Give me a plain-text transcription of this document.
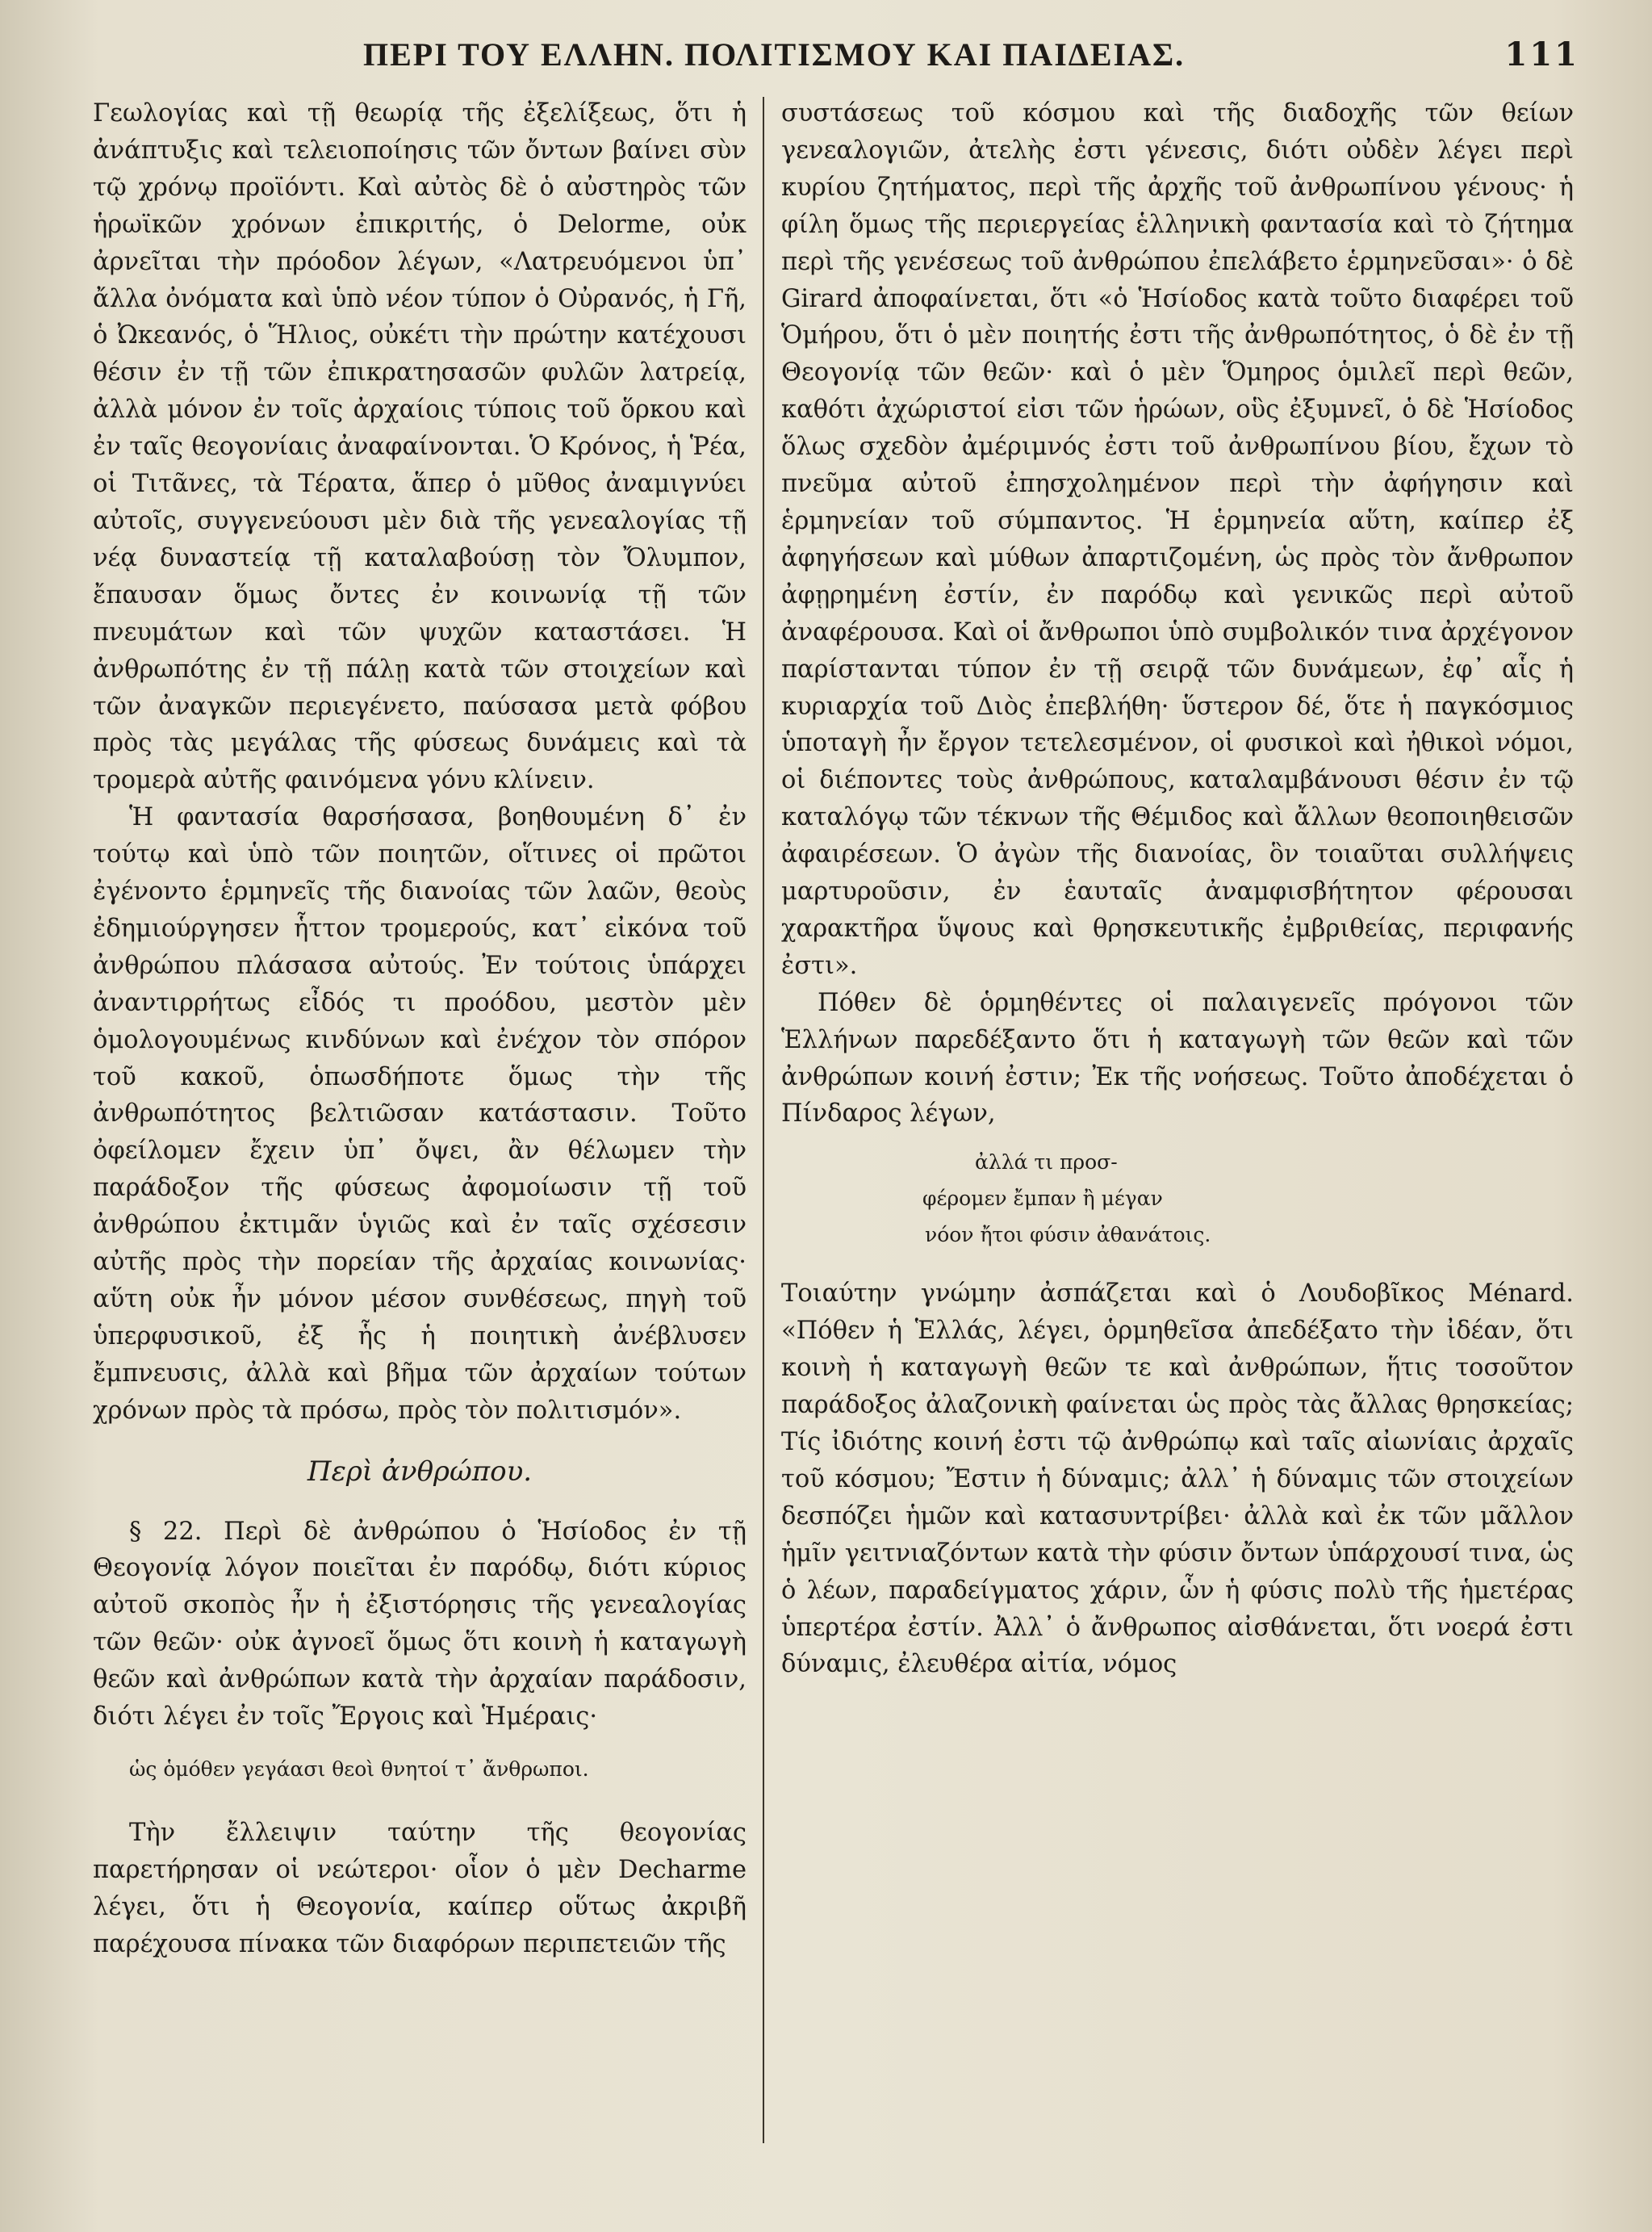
ΠΕΡΙ ΤΟΥ ΕΛΛΗΝ. ΠΟΛΙΤΙΣΜΟΥ ΚΑΙ ΠΑΙΔΕΙΑΣ.	111

Γεωλογίας καὶ τῇ θεωρίᾳ τῆς ἐξελίξεως, ὅτι ἡ ἀνάπτυξις καὶ τελειοποίησις τῶν ὄντων βαίνει σὺν τῷ χρόνῳ προϊόντι. Καὶ αὐτὸς δὲ ὁ αὐστηρὸς τῶν ἡρωϊκῶν χρόνων ἐπικριτής, ὁ Delorme, οὐκ ἀρνεῖται τὴν πρόοδον λέγων, «Λατρευόμενοι ὑπ᾽ ἄλλα ὀνόματα καὶ ὑπὸ νέον τύπον ὁ Οὐρανός, ἡ Γῆ, ὁ Ὠκεανός, ὁ Ἥλιος, οὐκέτι τὴν πρώτην κατέχουσι θέσιν ἐν τῇ τῶν ἐπικρατησασῶν φυλῶν λατρείᾳ, ἀλλὰ μόνον ἐν τοῖς ἀρχαίοις τύποις τοῦ ὅρκου καὶ ἐν ταῖς θεογονίαις ἀναφαίνονται. Ὁ Κρόνος, ἡ Ῥέα, οἱ Τιτᾶνες, τὰ Τέρατα, ἅπερ ὁ μῦθος ἀναμιγνύει αὐτοῖς, συγγενεύουσι μὲν διὰ τῆς γενεαλογίας τῇ νέᾳ δυναστείᾳ τῇ καταλαβούσῃ τὸν Ὄλυμπον, ἔπαυσαν ὅμως ὄντες ἐν κοινωνίᾳ τῇ τῶν πνευμάτων καὶ τῶν ψυχῶν καταστάσει. Ἡ ἀνθρωπότης ἐν τῇ πάλῃ κατὰ τῶν στοιχείων καὶ τῶν ἀναγκῶν περιεγένετο, παύσασα μετὰ φόβου πρὸς τὰς μεγάλας τῆς φύσεως δυνάμεις καὶ τὰ τρομερὰ αὐτῆς φαινόμενα γόνυ κλίνειν.

Ἡ φαντασία θαρσήσασα, βοηθουμένη δ᾽ ἐν τούτῳ καὶ ὑπὸ τῶν ποιητῶν, οἵτινες οἱ πρῶτοι ἐγένοντο ἑρμηνεῖς τῆς διανοίας τῶν λαῶν, θεοὺς ἐδημιούργησεν ἧττον τρομερούς, κατ᾽ εἰκόνα τοῦ ἀνθρώπου πλάσασα αὐτούς. Ἐν τούτοις ὑπάρχει ἀναντιρρήτως εἶδός τι προόδου, μεστὸν μὲν ὁμολογουμένως κινδύνων καὶ ἐνέχον τὸν σπόρον τοῦ κακοῦ, ὁπωσδήποτε ὅμως τὴν τῆς ἀνθρωπότητος βελτιῶσαν κατάστασιν. Τοῦτο ὀφείλομεν ἔχειν ὑπ᾽ ὄψει, ἂν θέλωμεν τὴν παράδοξον τῆς φύσεως ἀφομοίωσιν τῇ τοῦ ἀνθρώπου ἐκτιμᾶν ὑγιῶς καὶ ἐν ταῖς σχέσεσιν αὐτῆς πρὸς τὴν πορείαν τῆς ἀρχαίας κοινωνίας· αὕτη οὐκ ἦν μόνον μέσον συνθέσεως, πηγὴ τοῦ ὑπερφυσικοῦ, ἐξ ἧς ἡ ποιητικὴ ἀνέβλυσεν ἔμπνευσις, ἀλλὰ καὶ βῆμα τῶν ἀρχαίων τούτων χρόνων πρὸς τὰ πρόσω, πρὸς τὸν πολιτισμόν».

Περὶ ἀνθρώπου.

§ 22. Περὶ δὲ ἀνθρώπου ὁ Ἡσίοδος ἐν τῇ Θεογονίᾳ λόγον ποιεῖται ἐν παρόδῳ, διότι κύριος αὐτοῦ σκοπὸς ἦν ἡ ἐξιστόρησις τῆς γενεαλογίας τῶν θεῶν· οὐκ ἀγνοεῖ ὅμως ὅτι κοινὴ ἡ καταγωγὴ θεῶν καὶ ἀνθρώπων κατὰ τὴν ἀρχαίαν παράδοσιν, διότι λέγει ἐν τοῖς Ἔργοις καὶ Ἡμέραις·

ὡς ὁμόθεν γεγάασι θεοὶ θνητοί τ᾽ ἄνθρωποι.

Τὴν ἔλλειψιν ταύτην τῆς θεογονίας παρετήρησαν οἱ νεώτεροι· οἷον ὁ μὲν Decharme λέγει, ὅτι ἡ Θεογονία, καίπερ οὕτως ἀκριβῆ παρέχουσα πίνακα τῶν διαφόρων περιπετειῶν τῆς

συστάσεως τοῦ κόσμου καὶ τῆς διαδοχῆς τῶν θείων γενεαλογιῶν, ἀτελὴς ἐστι γένεσις, διότι οὐδὲν λέγει περὶ κυρίου ζητήματος, περὶ τῆς ἀρχῆς τοῦ ἀνθρωπίνου γένους· ἡ φίλη ὅμως τῆς περιεργείας ἑλληνικὴ φαντασία καὶ τὸ ζήτημα περὶ τῆς γενέσεως τοῦ ἀνθρώπου ἐπελάβετο ἑρμηνεῦσαι»· ὁ δὲ Girard ἀποφαίνεται, ὅτι «ὁ Ἡσίοδος κατὰ τοῦτο διαφέρει τοῦ Ὁμήρου, ὅτι ὁ μὲν ποιητής ἐστι τῆς ἀνθρωπότητος, ὁ δὲ ἐν τῇ Θεογονίᾳ τῶν θεῶν· καὶ ὁ μὲν Ὅμηρος ὁμιλεῖ περὶ θεῶν, καθότι ἀχώριστοί εἰσι τῶν ἡρώων, οὓς ἐξυμνεῖ, ὁ δὲ Ἡσίοδος ὅλως σχεδὸν ἀμέριμνός ἐστι τοῦ ἀνθρωπίνου βίου, ἔχων τὸ πνεῦμα αὐτοῦ ἐπησχολημένον περὶ τὴν ἀφήγησιν καὶ ἑρμηνείαν τοῦ σύμπαντος. Ἡ ἑρμηνεία αὕτη, καίπερ ἐξ ἀφηγήσεων καὶ μύθων ἀπαρτιζομένη, ὡς πρὸς τὸν ἄνθρωπον ἀφῃρημένη ἐστίν, ἐν παρόδῳ καὶ γενικῶς περὶ αὐτοῦ ἀναφέρουσα. Καὶ οἱ ἄνθρωποι ὑπὸ συμβολικόν τινα ἀρχέγονον παρίστανται τύπον ἐν τῇ σειρᾷ τῶν δυνάμεων, ἐφ᾽ αἷς ἡ κυριαρχία τοῦ Διὸς ἐπεβλήθη· ὕστερον δέ, ὅτε ἡ παγκόσμιος ὑποταγὴ ἦν ἔργον τετελεσμένον, οἱ φυσικοὶ καὶ ἠθικοὶ νόμοι, οἱ διέποντες τοὺς ἀνθρώπους, καταλαμβάνουσι θέσιν ἐν τῷ καταλόγῳ τῶν τέκνων τῆς Θέμιδος καὶ ἄλλων θεοποιηθεισῶν ἀφαιρέσεων. Ὁ ἀγὼν τῆς διανοίας, ὃν τοιαῦται συλλήψεις μαρτυροῦσιν, ἐν ἑαυταῖς ἀναμφισβήτητον φέρουσαι χαρακτῆρα ὕψους καὶ θρησκευτικῆς ἐμβριθείας, περιφανής ἐστι».

Πόθεν δὲ ὁρμηθέντες οἱ παλαιγενεῖς πρόγονοι τῶν Ἑλλήνων παρεδέξαντο ὅτι ἡ καταγωγὴ τῶν θεῶν καὶ τῶν ἀνθρώπων κοινή ἐστιν; Ἐκ τῆς νοήσεως. Τοῦτο ἀποδέχεται ὁ Πίνδαρος λέγων,

ἀλλά τι προσ-
φέρομεν ἔμπαν ἢ μέγαν
νόον ἤτοι φύσιν ἀθανάτοις.

Τοιαύτην γνώμην ἀσπάζεται καὶ ὁ Λουδοβῖκος Ménard. «Πόθεν ἡ Ἑλλάς, λέγει, ὁρμηθεῖσα ἀπεδέξατο τὴν ἰδέαν, ὅτι κοινὴ ἡ καταγωγὴ θεῶν τε καὶ ἀνθρώπων, ἥτις τοσοῦτον παράδοξος ἀλαζονικὴ φαίνεται ὡς πρὸς τὰς ἄλλας θρησκείας; Τίς ἰδιότης κοινή ἐστι τῷ ἀνθρώπῳ καὶ ταῖς αἰωνίαις ἀρχαῖς τοῦ κόσμου; Ἔστιν ἡ δύναμις; ἀλλ᾽ ἡ δύναμις τῶν στοιχείων δεσπόζει ἡμῶν καὶ κατασυντρίβει· ἀλλὰ καὶ ἐκ τῶν μᾶλλον ἡμῖν γειτνιαζόντων κατὰ τὴν φύσιν ὄντων ὑπάρχουσί τινα, ὡς ὁ λέων, παραδείγματος χάριν, ὧν ἡ φύσις πολὺ τῆς ἡμετέρας ὑπερτέρα ἐστίν. Ἀλλ᾽ ὁ ἄνθρωπος αἰσθάνεται, ὅτι νοερά ἐστι δύναμις, ἐλευθέρα αἰτία, νόμος
